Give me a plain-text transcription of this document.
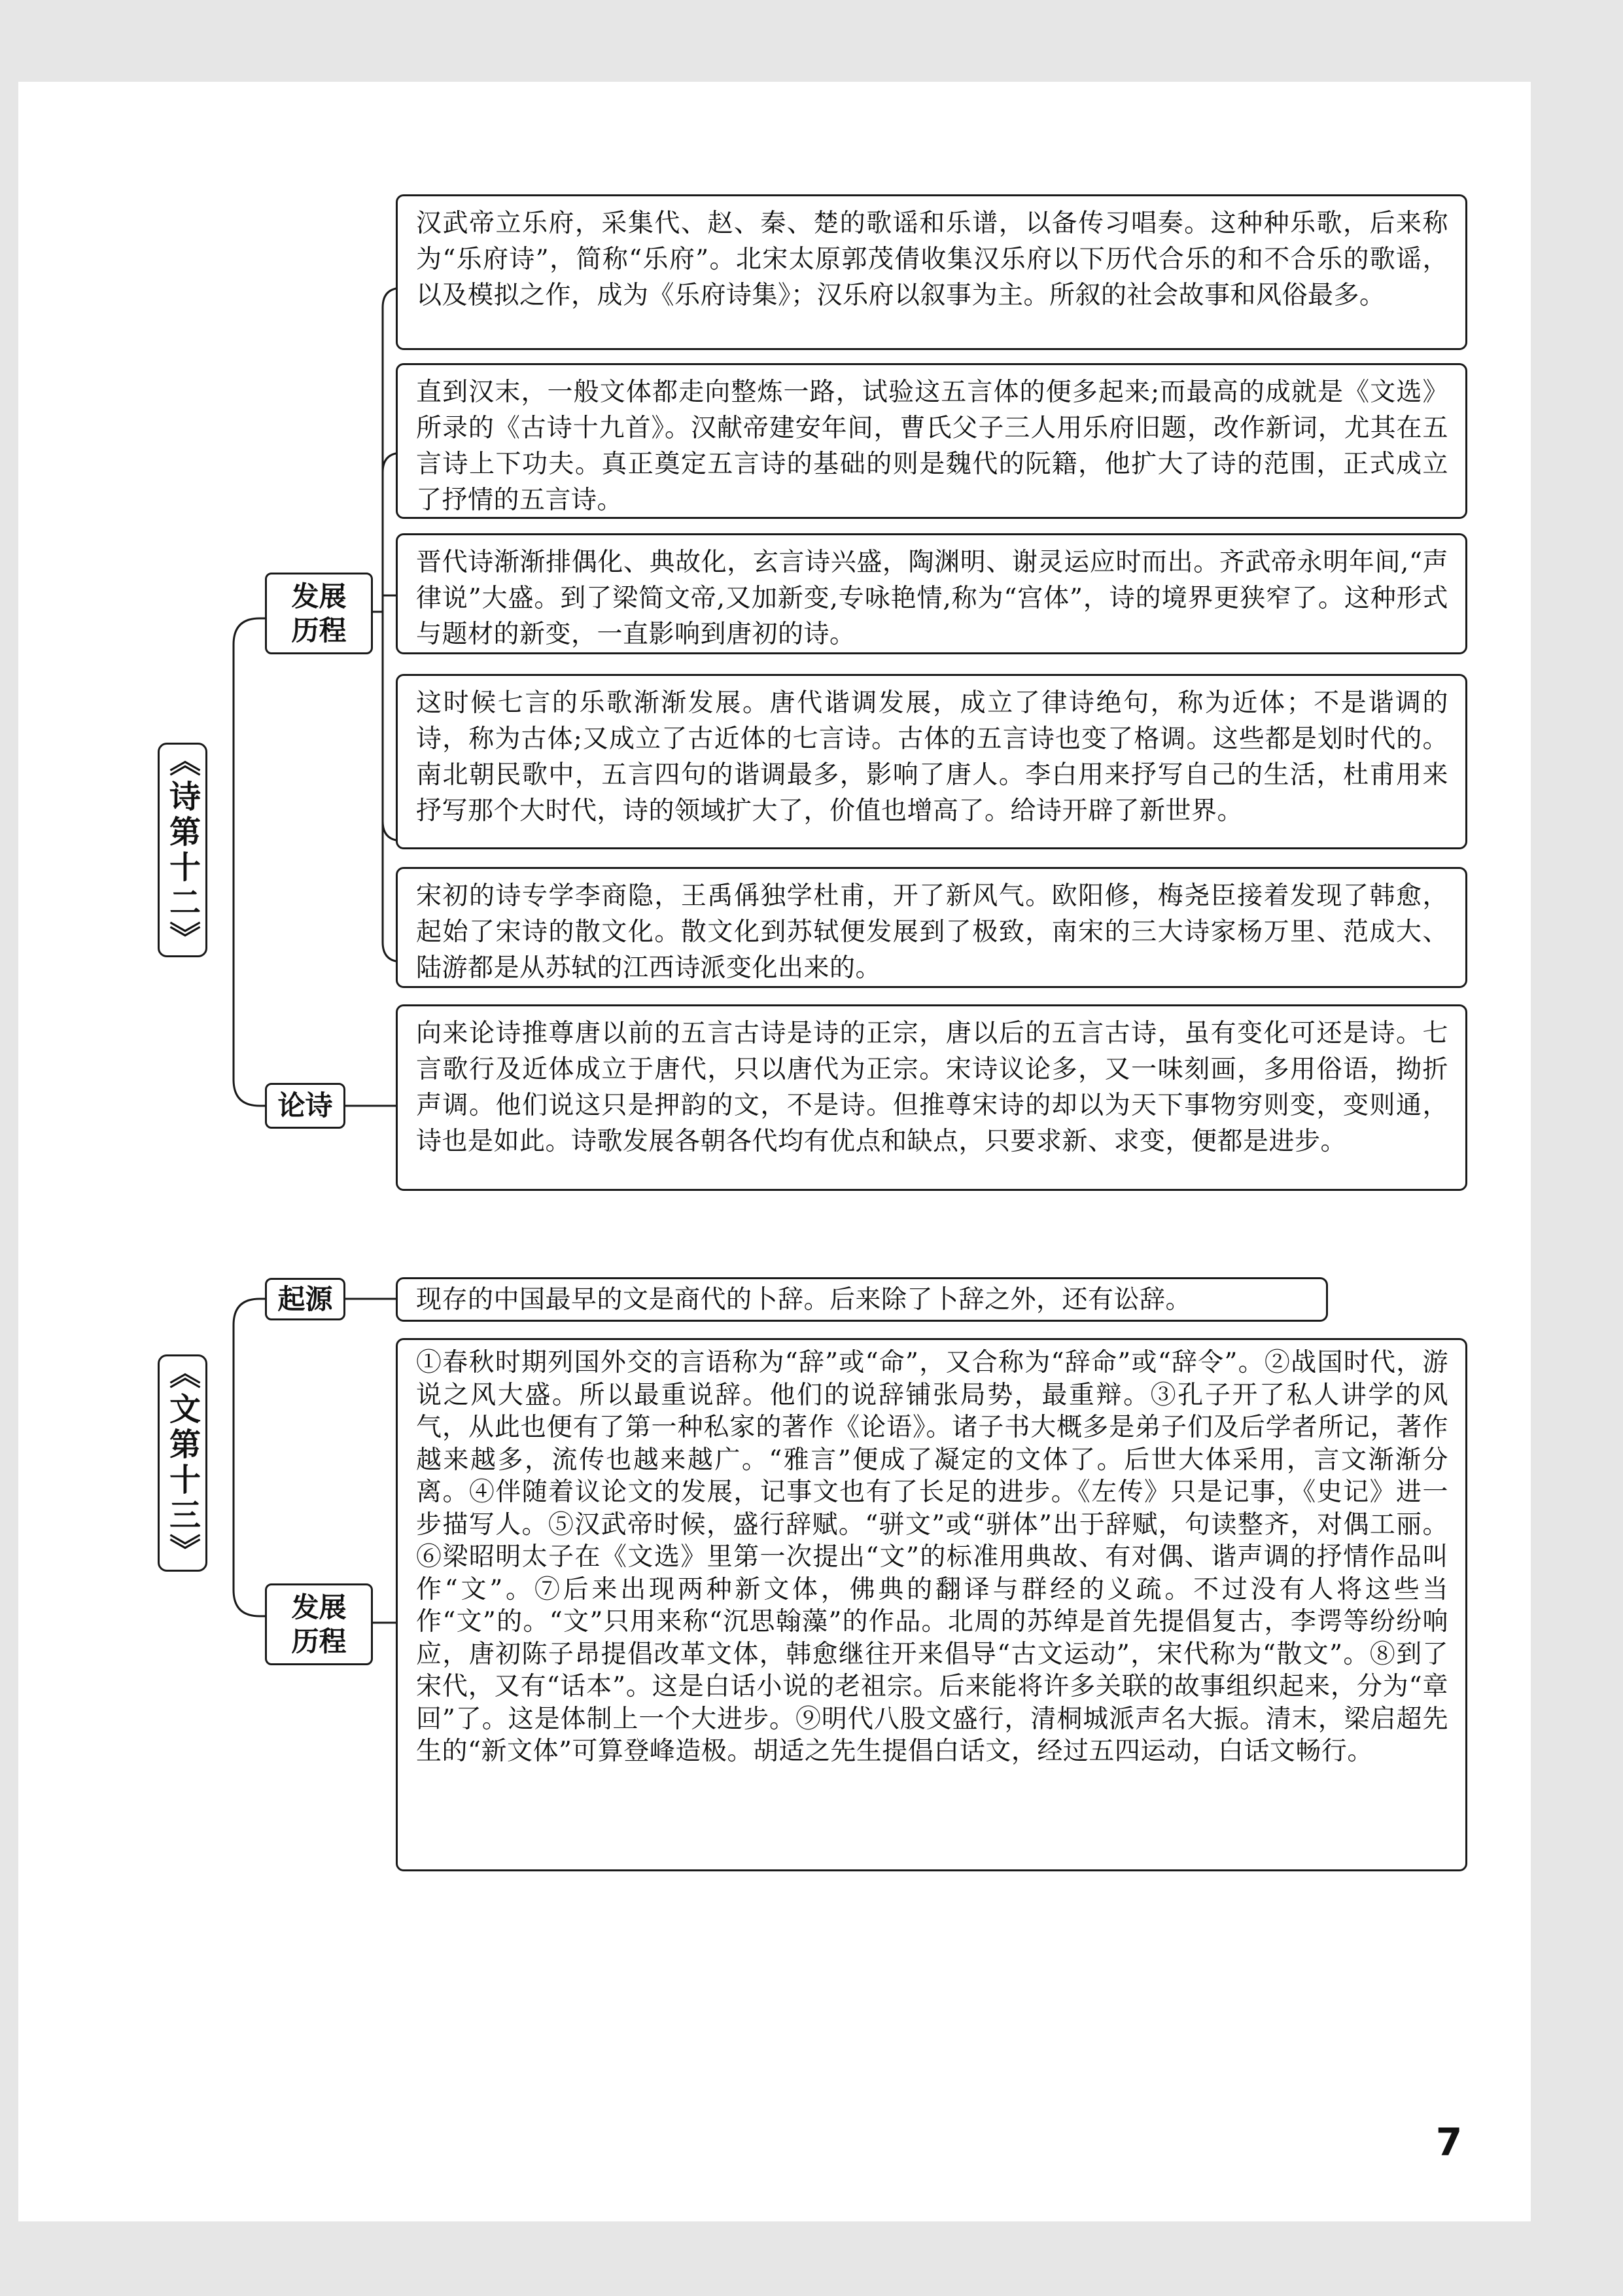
《诗第十二》
发展
历程
论诗

汉武帝立乐府，采集代、赵、秦、楚的歌谣和乐谱，以备传习唱奏。这种种乐歌，后来称为“乐府诗”，简称“乐府”。北宋太原郭茂倩收集汉乐府以下历代合乐的和不合乐的歌谣，以及模拟之作，成为《乐府诗集》；汉乐府以叙事为主。所叙的社会故事和风俗最多。

直到汉末，一般文体都走向整炼一路，试验这五言体的便多起来;而最高的成就是《文选》所录的《古诗十九首》。汉献帝建安年间，曹氏父子三人用乐府旧题，改作新词，尤其在五言诗上下功夫。真正奠定五言诗的基础的则是魏代的阮籍，他扩大了诗的范围，正式成立了抒情的五言诗。

晋代诗渐渐排偶化、典故化，玄言诗兴盛，陶渊明、谢灵运应时而出。齐武帝永明年间,“声律说”大盛。到了梁简文帝,又加新变,专咏艳情,称为“宫体”，诗的境界更狭窄了。这种形式与题材的新变，一直影响到唐初的诗。

这时候七言的乐歌渐渐发展。唐代谐调发展，成立了律诗绝句，称为近体；不是谐调的诗，称为古体;又成立了古近体的七言诗。古体的五言诗也变了格调。这些都是划时代的。南北朝民歌中，五言四句的谐调最多，影响了唐人。李白用来抒写自己的生活，杜甫用来抒写那个大时代，诗的领域扩大了，价值也增高了。给诗开辟了新世界。

宋初的诗专学李商隐，王禹偁独学杜甫，开了新风气。欧阳修，梅尧臣接着发现了韩愈，起始了宋诗的散文化。散文化到苏轼便发展到了极致，南宋的三大诗家杨万里、范成大、陆游都是从苏轼的江西诗派变化出来的。

向来论诗推尊唐以前的五言古诗是诗的正宗，唐以后的五言古诗，虽有变化可还是诗。七言歌行及近体成立于唐代，只以唐代为正宗。宋诗议论多，又一味刻画，多用俗语，拗折声调。他们说这只是押韵的文，不是诗。但推尊宋诗的却以为天下事物穷则变，变则通，诗也是如此。诗歌发展各朝各代均有优点和缺点，只要求新、求变，便都是进步。

《文第十三》
起源
发展
历程

现存的中国最早的文是商代的卜辞。后来除了卜辞之外，还有讼辞。

①春秋时期列国外交的言语称为“辞”或“命”，又合称为“辞命”或“辞令”。②战国时代，游说之风大盛。所以最重说辞。他们的说辞铺张局势，最重辩。③孔子开了私人讲学的风气，从此也便有了第一种私家的著作《论语》。诸子书大概多是弟子们及后学者所记，著作越来越多，流传也越来越广。“雅言”便成了凝定的文体了。后世大体采用，言文渐渐分离。④伴随着议论文的发展，记事文也有了长足的进步。《左传》只是记事，《史记》进一步描写人。⑤汉武帝时候，盛行辞赋。“骈文”或“骈体”出于辞赋，句读整齐，对偶工丽。⑥梁昭明太子在《文选》里第一次提出“文”的标准用典故、有对偶、谐声调的抒情作品叫作“文”。⑦后来出现两种新文体，佛典的翻译与群经的义疏。不过没有人将这些当作“文”的。“文”只用来称“沉思翰藻”的作品。北周的苏绰是首先提倡复古，李谔等纷纷响应，唐初陈子昂提倡改革文体，韩愈继往开来倡导“古文运动”，宋代称为“散文”。⑧到了宋代，又有“话本”。这是白话小说的老祖宗。后来能将许多关联的故事组织起来，分为“章回”了。这是体制上一个大进步。⑨明代八股文盛行，清桐城派声名大振。清末，梁启超先生的“新文体”可算登峰造极。胡适之先生提倡白话文，经过五四运动，白话文畅行。

7
